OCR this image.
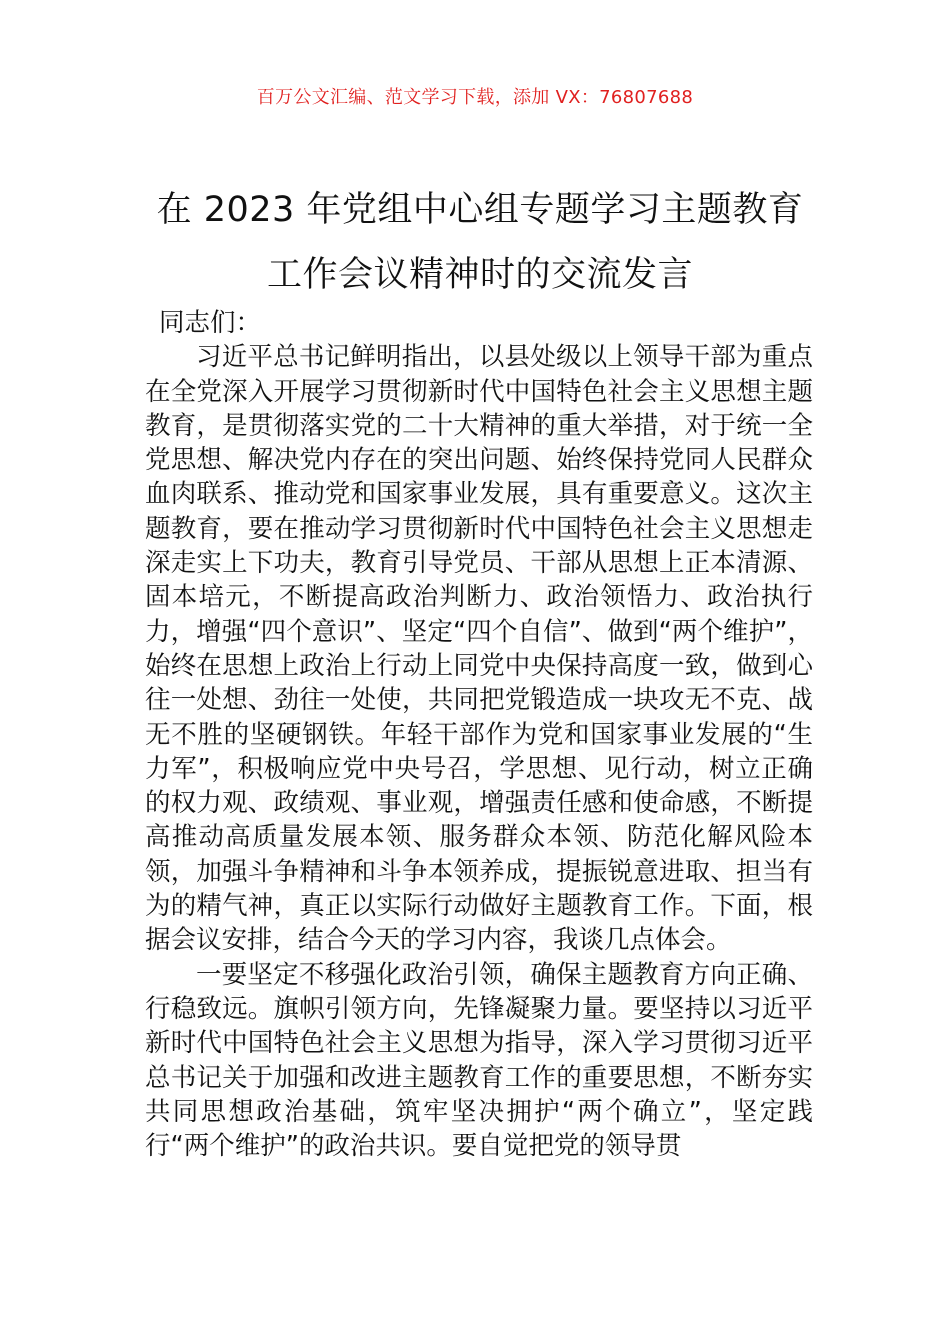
百万公文汇编、范文学习下载，添加 VX：76807688
在 2023 年党组中心组专题学习主题教育工作会议精神时的交流发言

同志们：

习近平总书记鲜明指出，以县处级以上领导干部为重点在全党深入开展学习贯彻新时代中国特色社会主义思想主题教育，是贯彻落实党的二十大精神的重大举措，对于统一全党思想、解决党内存在的突出问题、始终保持党同人民群众血肉联系、推动党和国家事业发展，具有重要意义。这次主题教育，要在推动学习贯彻新时代中国特色社会主义思想走深走实上下功夫，教育引导党员、干部从思想上正本清源、固本培元，不断提高政治判断力、政治领悟力、政治执行力，增强“四个意识”、坚定“四个自信”、做到“两个维护”，始终在思想上政治上行动上同党中央保持高度一致，做到心往一处想、劲往一处使，共同把党锻造成一块攻无不克、战无不胜的坚硬钢铁。年轻干部作为党和国家事业发展的“生力军”，积极响应党中央号召，学思想、见行动，树立正确的权力观、政绩观、事业观，增强责任感和使命感，不断提高推动高质量发展本领、服务群众本领、防范化解风险本领，加强斗争精神和斗争本领养成，提振锐意进取、担当有为的精气神，真正以实际行动做好主题教育工作。下面，根据会议安排，结合今天的学习内容，我谈几点体会。

一要坚定不移强化政治引领，确保主题教育方向正确、行稳致远。旗帜引领方向，先锋凝聚力量。要坚持以习近平新时代中国特色社会主义思想为指导，深入学习贯彻习近平总书记关于加强和改进主题教育工作的重要思想，不断夯实共同思想政治基础，筑牢坚决拥护“两个确立”，坚定践行“两个维护”的政治共识。要自觉把党的领导贯
